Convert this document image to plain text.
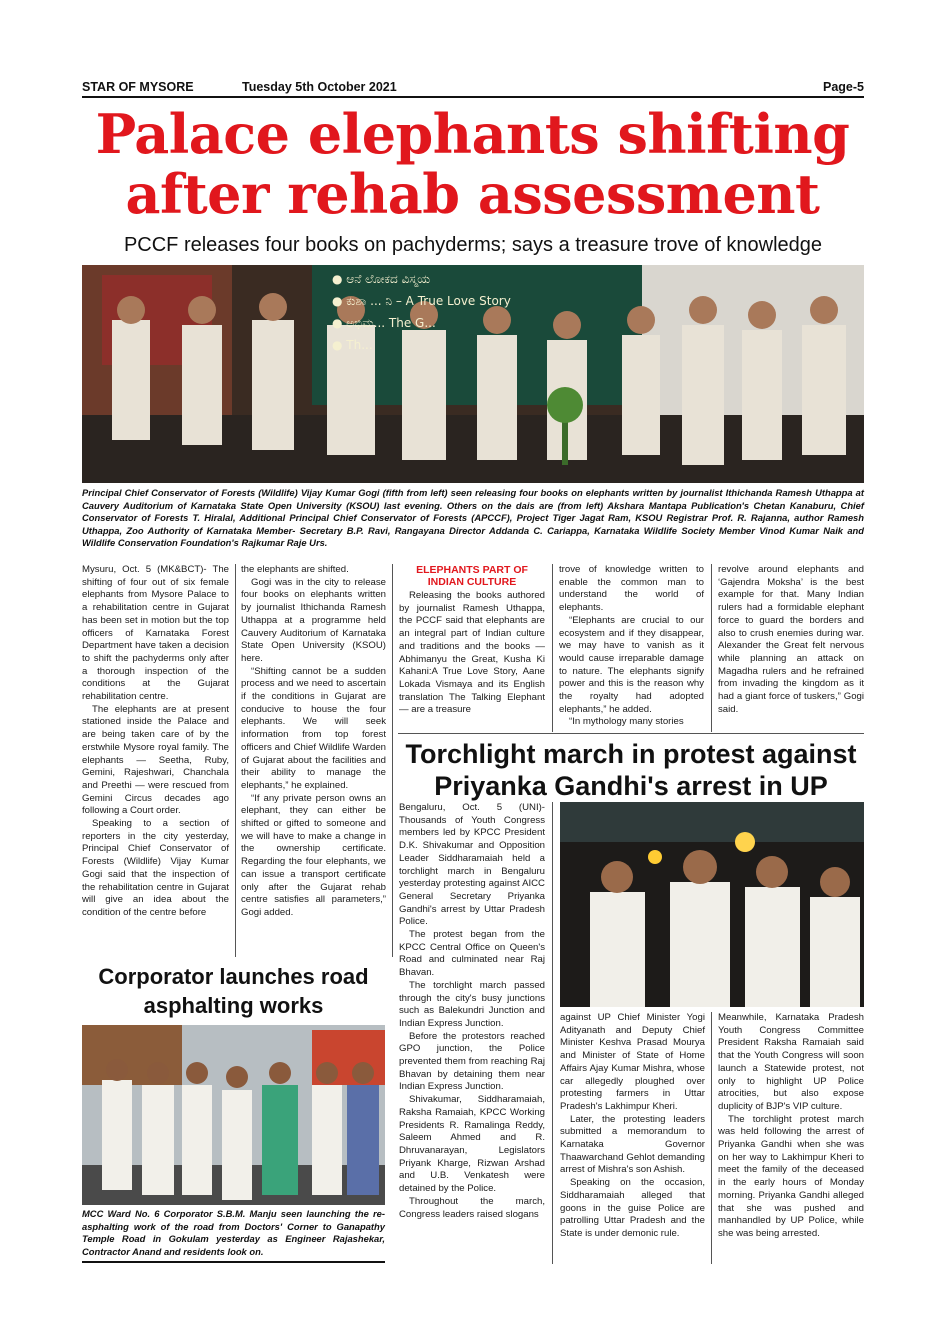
STAR OF MYSORE	Tuesday 5th October 2021	Page-5
Palace elephants shifting
after rehab assessment
PCCF releases four books on pachyderms; says a treasure trove of knowledge
● ಆನೆ ಲೋಕದ ವಿಸ್ಮಯ
● ಕುಶಾ ... ನಿ – A True Love Story
● ಅಭಿಮ... The G...
● Th...
Principal Chief Conservator of Forests (Wildlife) Vijay Kumar Gogi (fifth from left) seen releasing four books on elephants written by journalist Ithichanda Ramesh Uthappa at Cauvery Auditorium of Karnataka State Open University (KSOU) last evening. Others on the dais are (from left) Akshara Mantapa Publication's Chetan Kanaburu, Chief Conservator of Forests T. Hiralal, Additional Principal Chief Conservator of Forests (APCCF), Project Tiger Jagat Ram, KSOU Registrar Prof. R. Rajanna, author Ramesh Uthappa, Zoo Authority of Karnataka Member- Secretary B.P. Ravi, Rangayana Director Addanda C. Cariappa, Karnataka Wildlife Society Member Vinod Kumar Naik and Wildlife Conservation Foundation's Rajkumar Raje Urs.

Mysuru, Oct. 5 (MK&BCT)- The shifting of four out of six female elephants from Mysore Palace to a rehabilitation centre in Gujarat has been set in motion but the top officers of Karnataka Forest Department have taken a decision to shift the pachyderms only after a thorough inspection of the conditions at the Gujarat rehabilitation centre.

The elephants are at present stationed inside the Palace and are being taken care of by the erstwhile Mysore royal family. The elephants — Seetha, Ruby, Gemini, Rajeshwari, Chanchala and Preethi — were rescued from Gemini Circus decades ago following a Court order.

Speaking to a section of reporters in the city yesterday, Principal Chief Conservator of Forests (Wildlife) Vijay Kumar Gogi said that the inspection of the rehabilitation centre in Gujarat will give an idea about the condition of the centre before

the elephants are shifted.

Gogi was in the city to release four books on elephants written by journalist Ithichanda Ramesh Uthappa at a programme held Cauvery Auditorium of Karnataka State Open University (KSOU) here.

“Shifting cannot be a sudden process and we need to ascertain if the conditions in Gujarat are conducive to house the four elephants. We will seek information from top forest officers and Chief Wildlife Warden of Gujarat about the facilities and their ability to manage the elephants,” he explained.

“If any private person owns an elephant, they can either be shifted or gifted to someone and we will have to make a change in the ownership certificate. Regarding the four elephants, we can issue a transport certificate only after the Gujarat rehab centre satisfies all parameters,” Gogi added.

ELEPHANTS PART OF INDIAN CULTURE

Releasing the books authored by journalist Ramesh Uthappa, the PCCF said that elephants are an integral part of Indian culture and traditions and the books — Abhimanyu the Great, Kusha Ki Kahani:A True Love Story, Aane Lokada Vismaya and its English translation The Talking Elephant — are a treasure

trove of knowledge written to enable the common man to understand the world of elephants.

“Elephants are crucial to our ecosystem and if they disappear, we may have to vanish as it would cause irreparable damage to nature. The elephants signify power and this is the reason why the royalty had adopted elephants,” he added.

“In mythology many stories

revolve around elephants and ‘Gajendra Moksha’ is the best example for that. Many Indian rulers had a formidable elephant force to guard the borders and also to crush enemies during war. Alexander the Great felt nervous while planning an attack on Magadha rulers and he refrained from invading the kingdom as it had a giant force of tuskers,” Gogi said.

Torchlight march in protest against
Priyanka Gandhi's arrest in UP

Bengaluru, Oct. 5 (UNI)- Thousands of Youth Congress members led by KPCC President D.K. Shivakumar and Opposition Leader Siddharamaiah held a torchlight march in Bengaluru yesterday protesting against AICC General Secretary Priyanka Gandhi's arrest by Uttar Pradesh Police.

The protest began from the KPCC Central Office on Queen's Road and culminated near Raj Bhavan.

The torchlight march passed through the city's busy junctions such as Balekundri Junction and Indian Express Junction.

Before the protestors reached GPO junction, the Police prevented them from reaching Raj Bhavan by detaining them near Indian Express Junction.

Shivakumar, Siddharamaiah, Raksha Ramaiah, KPCC Working Presidents R. Ramalinga Reddy, Saleem Ahmed and R. Dhruvanarayan, Legislators Priyank Kharge, Rizwan Arshad and U.B. Venkatesh were detained by the Police.

Throughout the march, Congress leaders raised slogans

against UP Chief Minister Yogi Adityanath and Deputy Chief Minister Keshva Prasad Mourya and Minister of State of Home Affairs Ajay Kumar Mishra, whose car allegedly ploughed over protesting farmers in Uttar Pradesh's Lakhimpur Kheri.

Later, the protesting leaders submitted a memorandum to Karnataka Governor Thaawarchand Gehlot demanding arrest of Mishra's son Ashish.

Speaking on the occasion, Siddharamaiah alleged that goons in the guise Police are patrolling Uttar Pradesh and the State is under demonic rule.

Meanwhile, Karnataka Pradesh Youth Congress Committee President Raksha Ramaiah said that the Youth Congress will soon launch a Statewide protest, not only to highlight UP Police atrocities, but also expose duplicity of BJP's VIP culture.

The torchlight protest march was held following the arrest of Priyanka Gandhi when she was on her way to Lakhimpur Kheri to meet the family of the deceased in the early hours of Monday morning. Priyanka Gandhi alleged that she was pushed and manhandled by UP Police, while she was being arrested.

Corporator launches road
asphalting works
MCC Ward No. 6 Corporator S.B.M. Manju seen launching the re-asphalting work of the road from Doctors' Corner to Ganapathy Temple Road in Gokulam yesterday as Engineer Rajashekar, Contractor Anand and residents look on.
